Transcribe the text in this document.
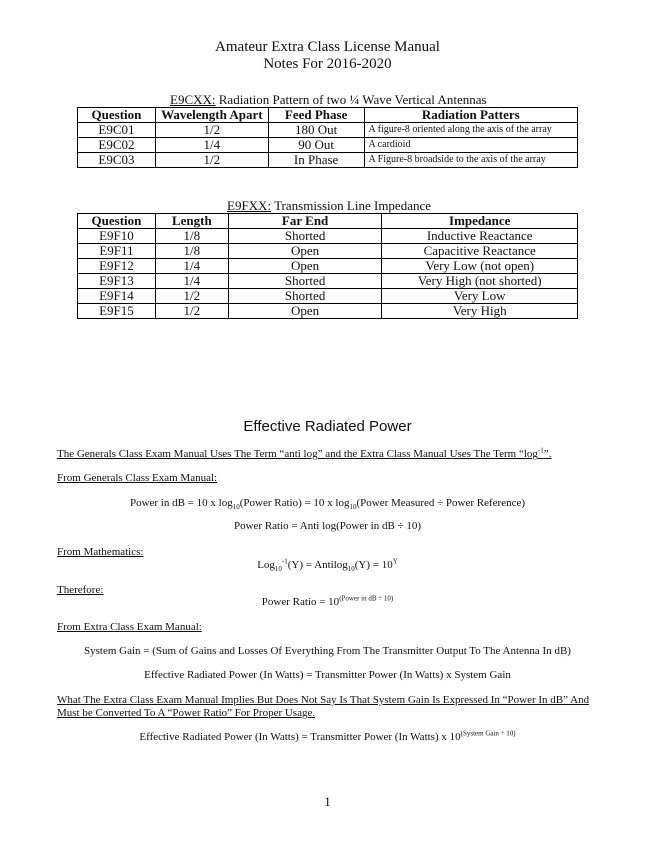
Amateur Extra Class License Manual
Notes For 2016-2020
E9CXX: Radiation Pattern of two ¼ Wave Vertical Antennas
Question	Wavelength Apart	Feed Phase	Radiation Patters
E9C01	1/2	180 Out	A figure-8 oriented along the axis of the array
E9C02	1/4	90 Out	A cardioid
E9C03	1/2	In Phase	A Figure-8 broadside to the axis of the array
E9FXX: Transmission Line Impedance
Question	Length	Far End	Impedance
E9F10	1/8	Shorted	Inductive Reactance
E9F11	1/8	Open	Capacitive Reactance
E9F12	1/4	Open	Very Low (not open)
E9F13	1/4	Shorted	Very High (not shorted)
E9F14	1/2	Shorted	Very Low
E9F15	1/2	Open	Very High
Effective Radiated Power
The Generals Class Exam Manual Uses The Term “anti log” and the Extra Class Manual Uses The Term “$\log^{-1}$”.
From Generals Class Exam Manual:
Power in dB = 10 x $\log_{10}(Power$ Ratio) = 10 x $\log_{10}(Power$ Measured ÷ Power Reference)
Power Ratio = Anti log(Power in dB ÷ 10)
From Mathematics:
Log$_{10}^{-1}$(Y) = Antilog$_{10}$(Y) = $10^Y$
Therefore:
Power Ratio = $10^{(Power in dB \div 10)}$
From Extra Class Exam Manual:
System Gain = (Sum of Gains and Losses Of Everything From The Transmitter Output To The Antenna In dB)
Effective Radiated Power (In Watts) = Transmitter Power (In Watts) x System Gain
What The Extra Class Exam Manual Implies But Does Not Say Is That System Gain Is Expressed In “Power In dB” And
Must be Converted To A “Power Ratio” For Proper Usage.
Effective Radiated Power (In Watts) = Transmitter Power (In Watts) x $10^{(System Gain \div 10)}$
1
